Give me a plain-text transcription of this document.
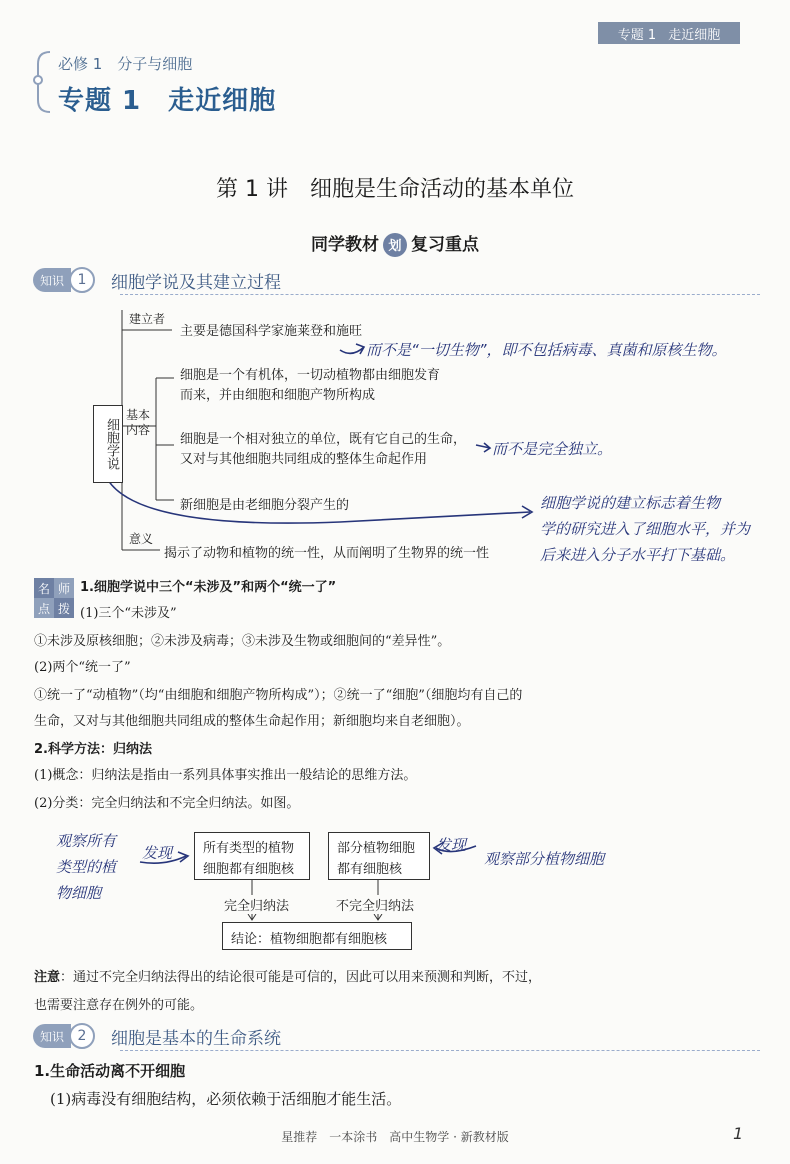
专题 1 走近细胞
必修 1　分子与细胞
专题 1　走近细胞
第 1 讲　细胞是生命活动的基本单位
同学教材 划 复习重点
知识 1	细胞学说及其建立过程
细胞学说
建立者
主要是德国科学家施莱登和施旺
基本内容
细胞是一个有机体，一切动植物都由细胞发育
而来，并由细胞和细胞产物所构成
细胞是一个相对独立的单位，既有它自己的生命，
又对与其他细胞共同组成的整体生命起作用
新细胞是由老细胞分裂产生的
意义
揭示了动物和植物的统一性，从而阐明了生物界的统一性
而不是“一切生物”，即不包括病毒、真菌和原核生物。
而不是完全独立。
细胞学说的建立标志着生物
学的研究进入了细胞水平，并为
后来进入分子水平打下基础。
名 师
点 拨
1.细胞学说中三个“未涉及”和两个“统一了”
(1)三个“未涉及”
①未涉及原核细胞；②未涉及病毒；③未涉及生物或细胞间的“差异性”。
(2)两个“统一了”
①统一了“动植物”（均“由细胞和细胞产物所构成”）；②统一了“细胞”（细胞均有自己的
生命，又对与其他细胞共同组成的整体生命起作用；新细胞均来自老细胞）。
2.科学方法：归纳法
(1)概念：归纳法是指由一系列具体事实推出一般结论的思维方法。
(2)分类：完全归纳法和不完全归纳法。如图。
所有类型的植物
细胞都有细胞核
部分植物细胞
都有细胞核
完全归纳法	不完全归纳法
结论：植物细胞都有细胞核
观察所有
类型的植
物细胞
发现	发现
观察部分植物细胞
注意：通过不完全归纳法得出的结论很可能是可信的，因此可以用来预测和判断，不过，
也需要注意存在例外的可能。
知识 2	细胞是基本的生命系统
1.生命活动离不开细胞
(1)病毒没有细胞结构，必须依赖于活细胞才能生活。
星推荐　一本涂书　高中生物学 · 新教材版	1
